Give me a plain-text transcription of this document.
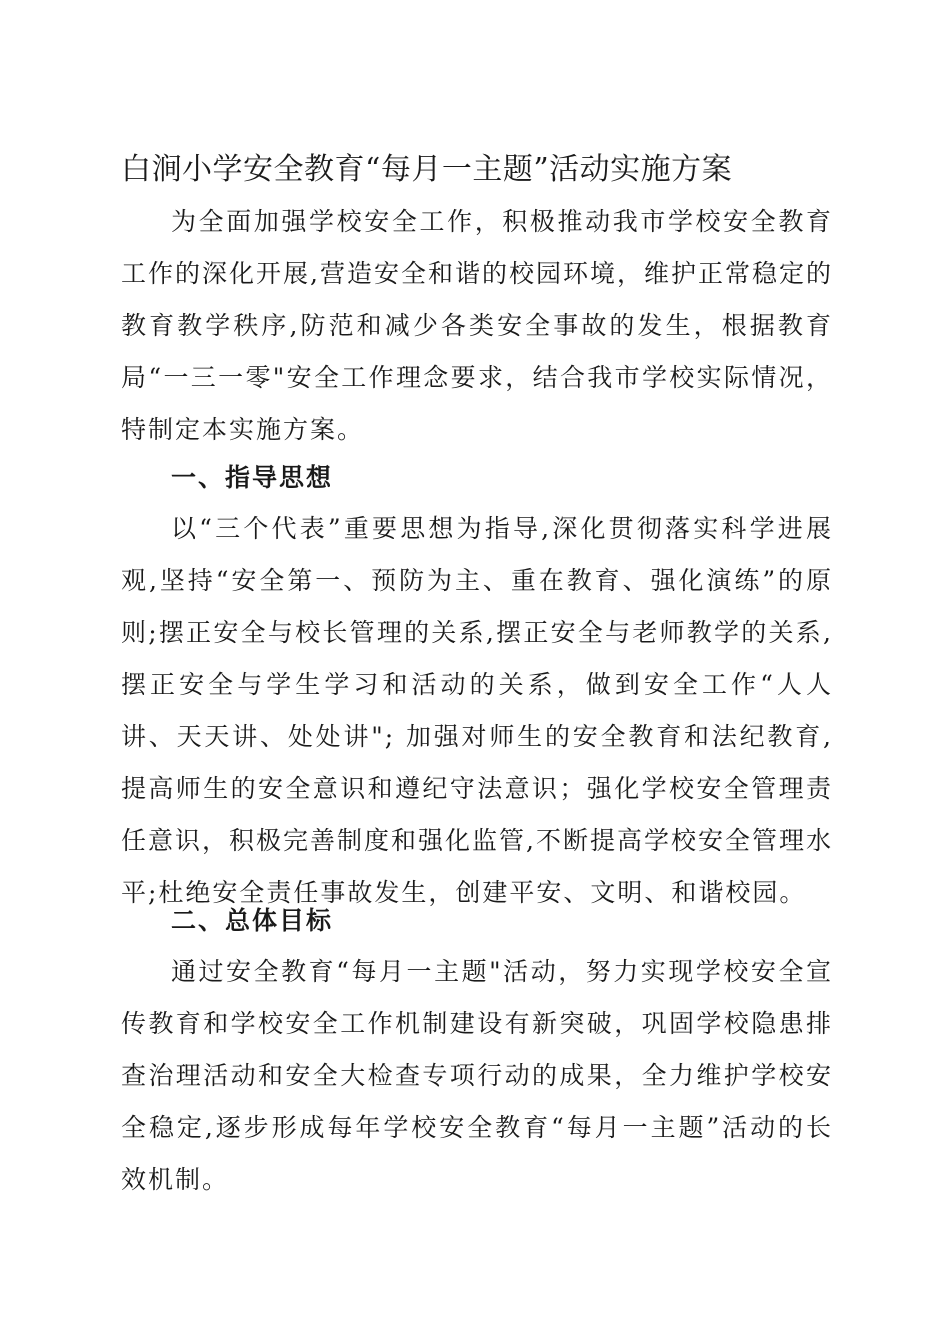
白涧小学安全教育“每月一主题”活动实施方案

为全面加强学校安全工作，积极推动我市学校安全教育工作的深化开展,营造安全和谐的校园环境，维护正常稳定的教育教学秩序,防范和减少各类安全事故的发生，根据教育局“一三一零"安全工作理念要求，结合我市学校实际情况，特制定本实施方案。

一、指导思想

以“三个代表”重要思想为指导,深化贯彻落实科学进展观,坚持“安全第一、预防为主、重在教育、强化演练”的原则;摆正安全与校长管理的关系,摆正安全与老师教学的关系,摆正安全与学生学习和活动的关系，做到安全工作“人人讲、天天讲、处处讲"; 加强对师生的安全教育和法纪教育,提高师生的安全意识和遵纪守法意识；强化学校安全管理责任意识，积极完善制度和强化监管,不断提高学校安全管理水平;杜绝安全责任事故发生，创建平安、文明、和谐校园。

二、总体目标

通过安全教育“每月一主题"活动，努力实现学校安全宣传教育和学校安全工作机制建设有新突破，巩固学校隐患排查治理活动和安全大检查专项行动的成果，全力维护学校安全稳定,逐步形成每年学校安全教育“每月一主题”活动的长效机制。
